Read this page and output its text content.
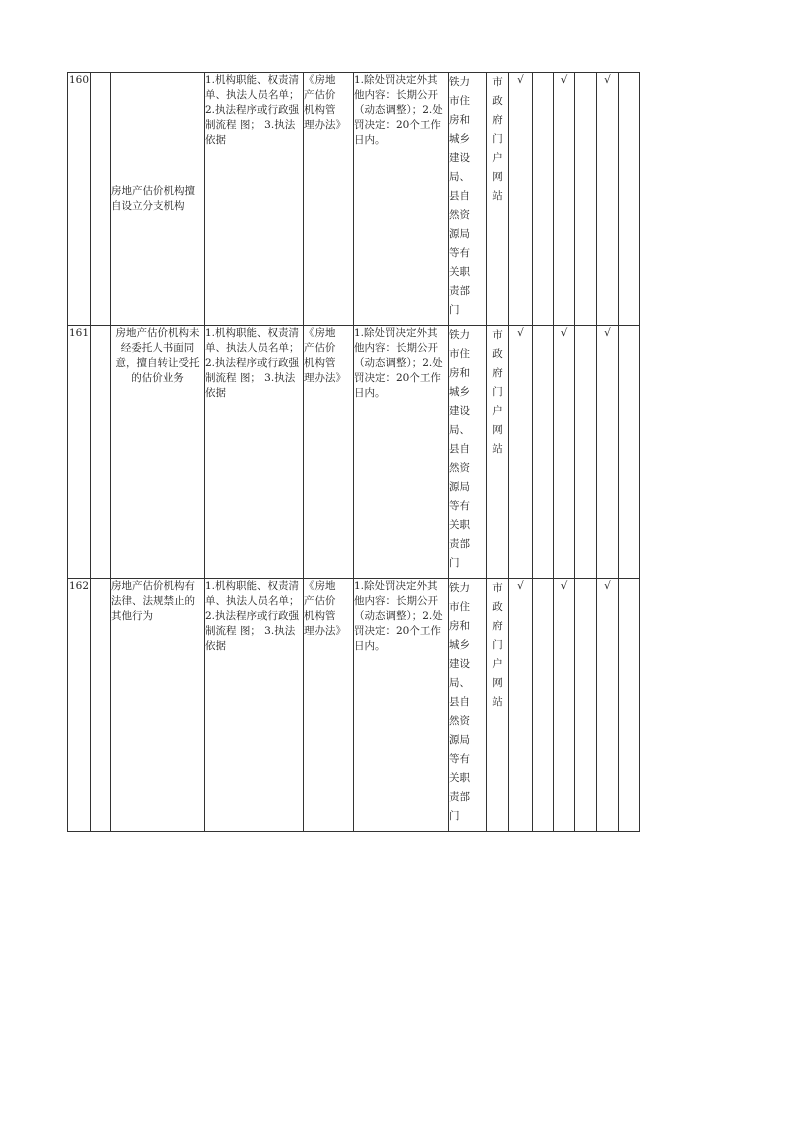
160		房地产估价机构擅自设立分支机构	1.机构职能、权责清单、执法人员名单； 2.执法程序或行政强制流程 图； 3.执法依据	《房地产估价机构管理办法》	1.除处罚决定外其他内容：长期公开（动态调整）；2.处罚决定：20个工作日内。	铁力市住房和城乡建设局、县自然资源局等有关职责部门	市政府门户网站	√		√		√	
161		房地产估价机构未经委托人书面同意，擅自转让受托的估价业务	1.机构职能、权责清单、执法人员名单； 2.执法程序或行政强制流程 图； 3.执法依据	《房地产估价机构管理办法》	1.除处罚决定外其他内容：长期公开（动态调整）；2.处罚决定：20个工作日内。	铁力市住房和城乡建设局、县自然资源局等有关职责部门	市政府门户网站	√		√		√	
162		房地产估价机构有法律、法规禁止的其他行为	1.机构职能、权责清单、执法人员名单； 2.执法程序或行政强制流程 图； 3.执法依据	《房地产估价机构管理办法》	1.除处罚决定外其他内容：长期公开（动态调整）；2.处罚决定：20个工作日内。	铁力市住房和城乡建设局、县自然资源局等有关职责部门	市政府门户网站	√		√		√	
